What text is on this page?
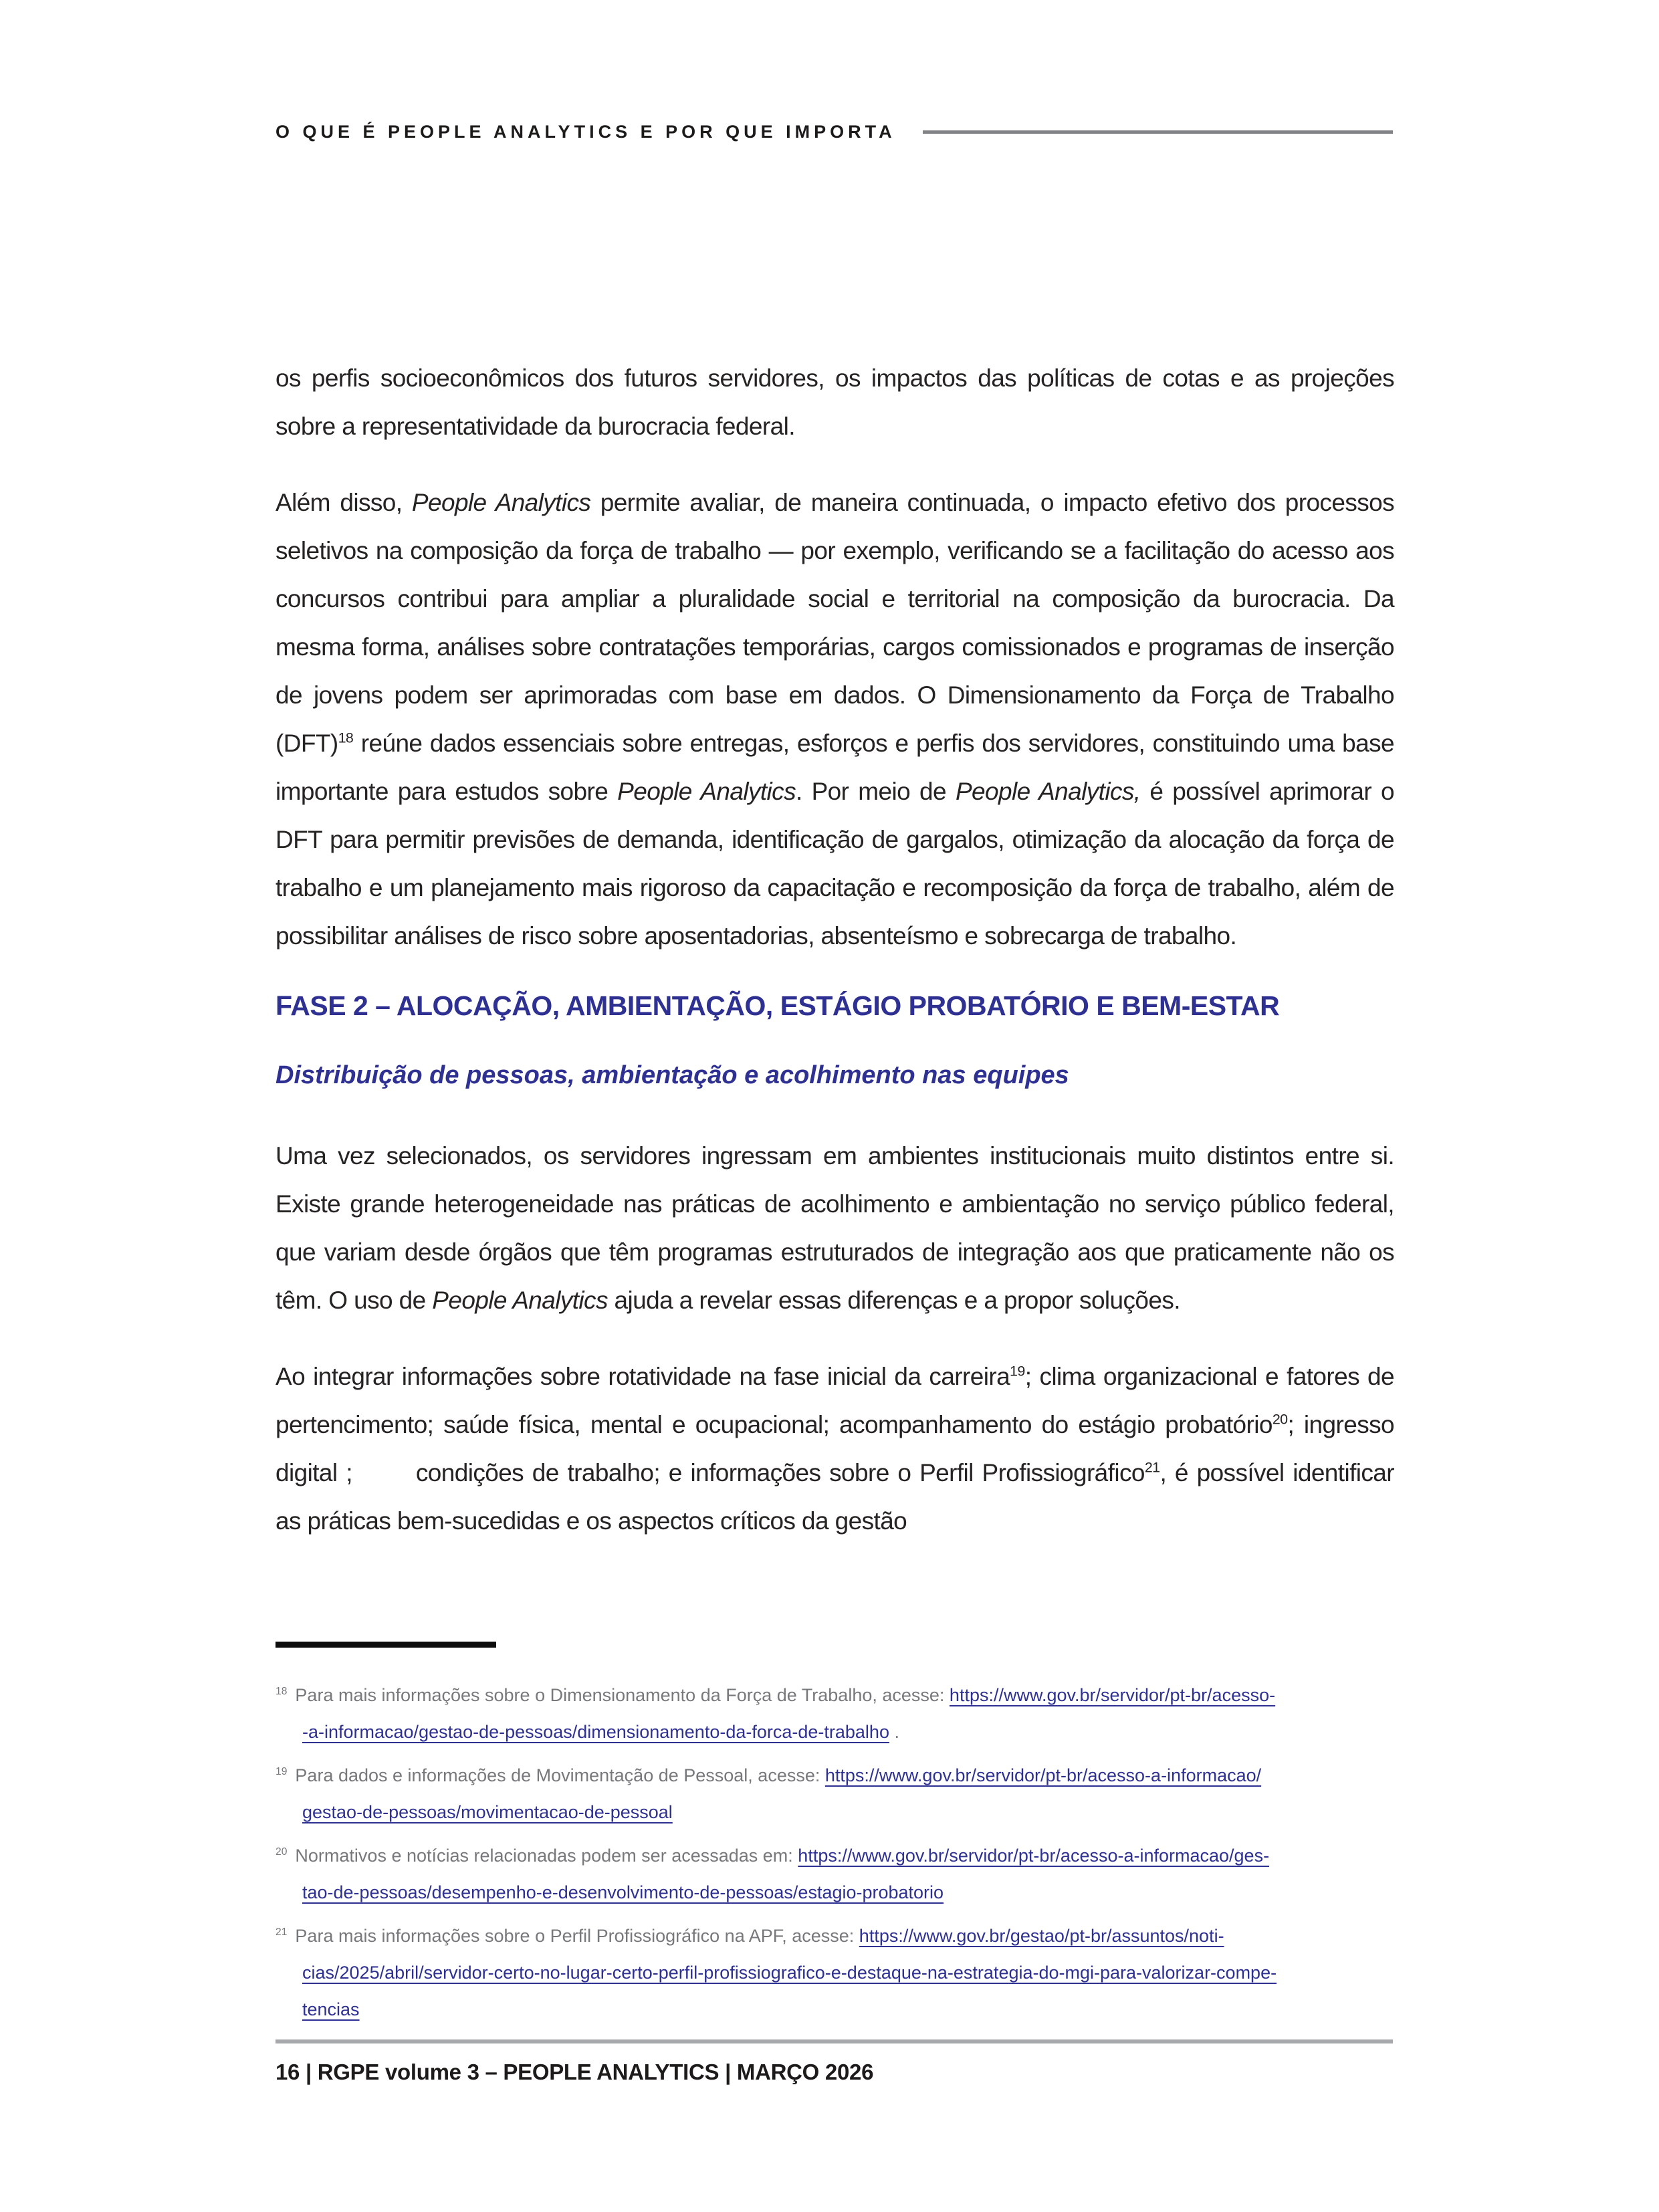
O QUE É PEOPLE ANALYTICS E POR QUE IMPORTA

os perfis socioeconômicos dos futuros servidores, os impactos das políticas de cotas e as projeções sobre a representatividade da burocracia federal.

Além disso, People Analytics permite avaliar, de maneira continuada, o impacto efetivo dos processos seletivos na composição da força de trabalho — por exemplo, verificando se a facilitação do acesso aos concursos contribui para ampliar a pluralidade social e territorial na composição da burocracia. Da mesma forma, análises sobre contratações temporárias, cargos comissionados e programas de inserção de jovens podem ser aprimoradas com base em dados. O Dimensionamento da Força de Trabalho (DFT)$^{18}$ reúne dados essenciais sobre entregas, esforços e perfis dos servidores, constituindo uma base importante para estudos sobre People Analytics. Por meio de People Analytics, é possível aprimorar o DFT para permitir previsões de demanda, identificação de gargalos, otimização da alocação da força de trabalho e um planejamento mais rigoroso da capacitação e recomposição da força de trabalho, além de possibilitar análises de risco sobre aposentadorias, absenteísmo e sobrecarga de trabalho.

FASE 2 – ALOCAÇÃO, AMBIENTAÇÃO, ESTÁGIO PROBATÓRIO E BEM-ESTAR
Distribuição de pessoas, ambientação e acolhimento nas equipes

Uma vez selecionados, os servidores ingressam em ambientes institucionais muito distintos entre si. Existe grande heterogeneidade nas práticas de acolhimento e ambientação no serviço público federal, que variam desde órgãos que têm programas estruturados de integração aos que praticamente não os têm. O uso de People Analytics ajuda a revelar essas diferenças e a propor soluções.

Ao integrar informações sobre rotatividade na fase inicial da carreira$^{19}$; clima organizacional e fatores de pertencimento; saúde física, mental e ocupacional; acompanhamento do estágio probatório$^{20}$; ingresso digital ;	condições de trabalho; e informações sobre o Perfil Profissiográfico$^{21}$, é possível identificar as práticas bem-sucedidas e os aspectos críticos da gestão

$^{18}$ Para mais informações sobre o Dimensionamento da Força de Trabalho, acesse: https://www.gov.br/servidor/pt-br/acesso-
-a-informacao/gestao-de-pessoas/dimensionamento-da-forca-de-trabalho .
$^{19}$ Para dados e informações de Movimentação de Pessoal, acesse: https://www.gov.br/servidor/pt-br/acesso-a-informacao/
gestao-de-pessoas/movimentacao-de-pessoal
$^{20}$ Normativos e notícias relacionadas podem ser acessadas em: https://www.gov.br/servidor/pt-br/acesso-a-informacao/ges-
tao-de-pessoas/desempenho-e-desenvolvimento-de-pessoas/estagio-probatorio
$^{21}$ Para mais informações sobre o Perfil Profissiográfico na APF, acesse: https://www.gov.br/gestao/pt-br/assuntos/noti-
cias/2025/abril/servidor-certo-no-lugar-certo-perfil-profissiografico-e-destaque-na-estrategia-do-mgi-para-valorizar-compe-
tencias
16 | RGPE volume 3 – PEOPLE ANALYTICS | MARÇO 2026
